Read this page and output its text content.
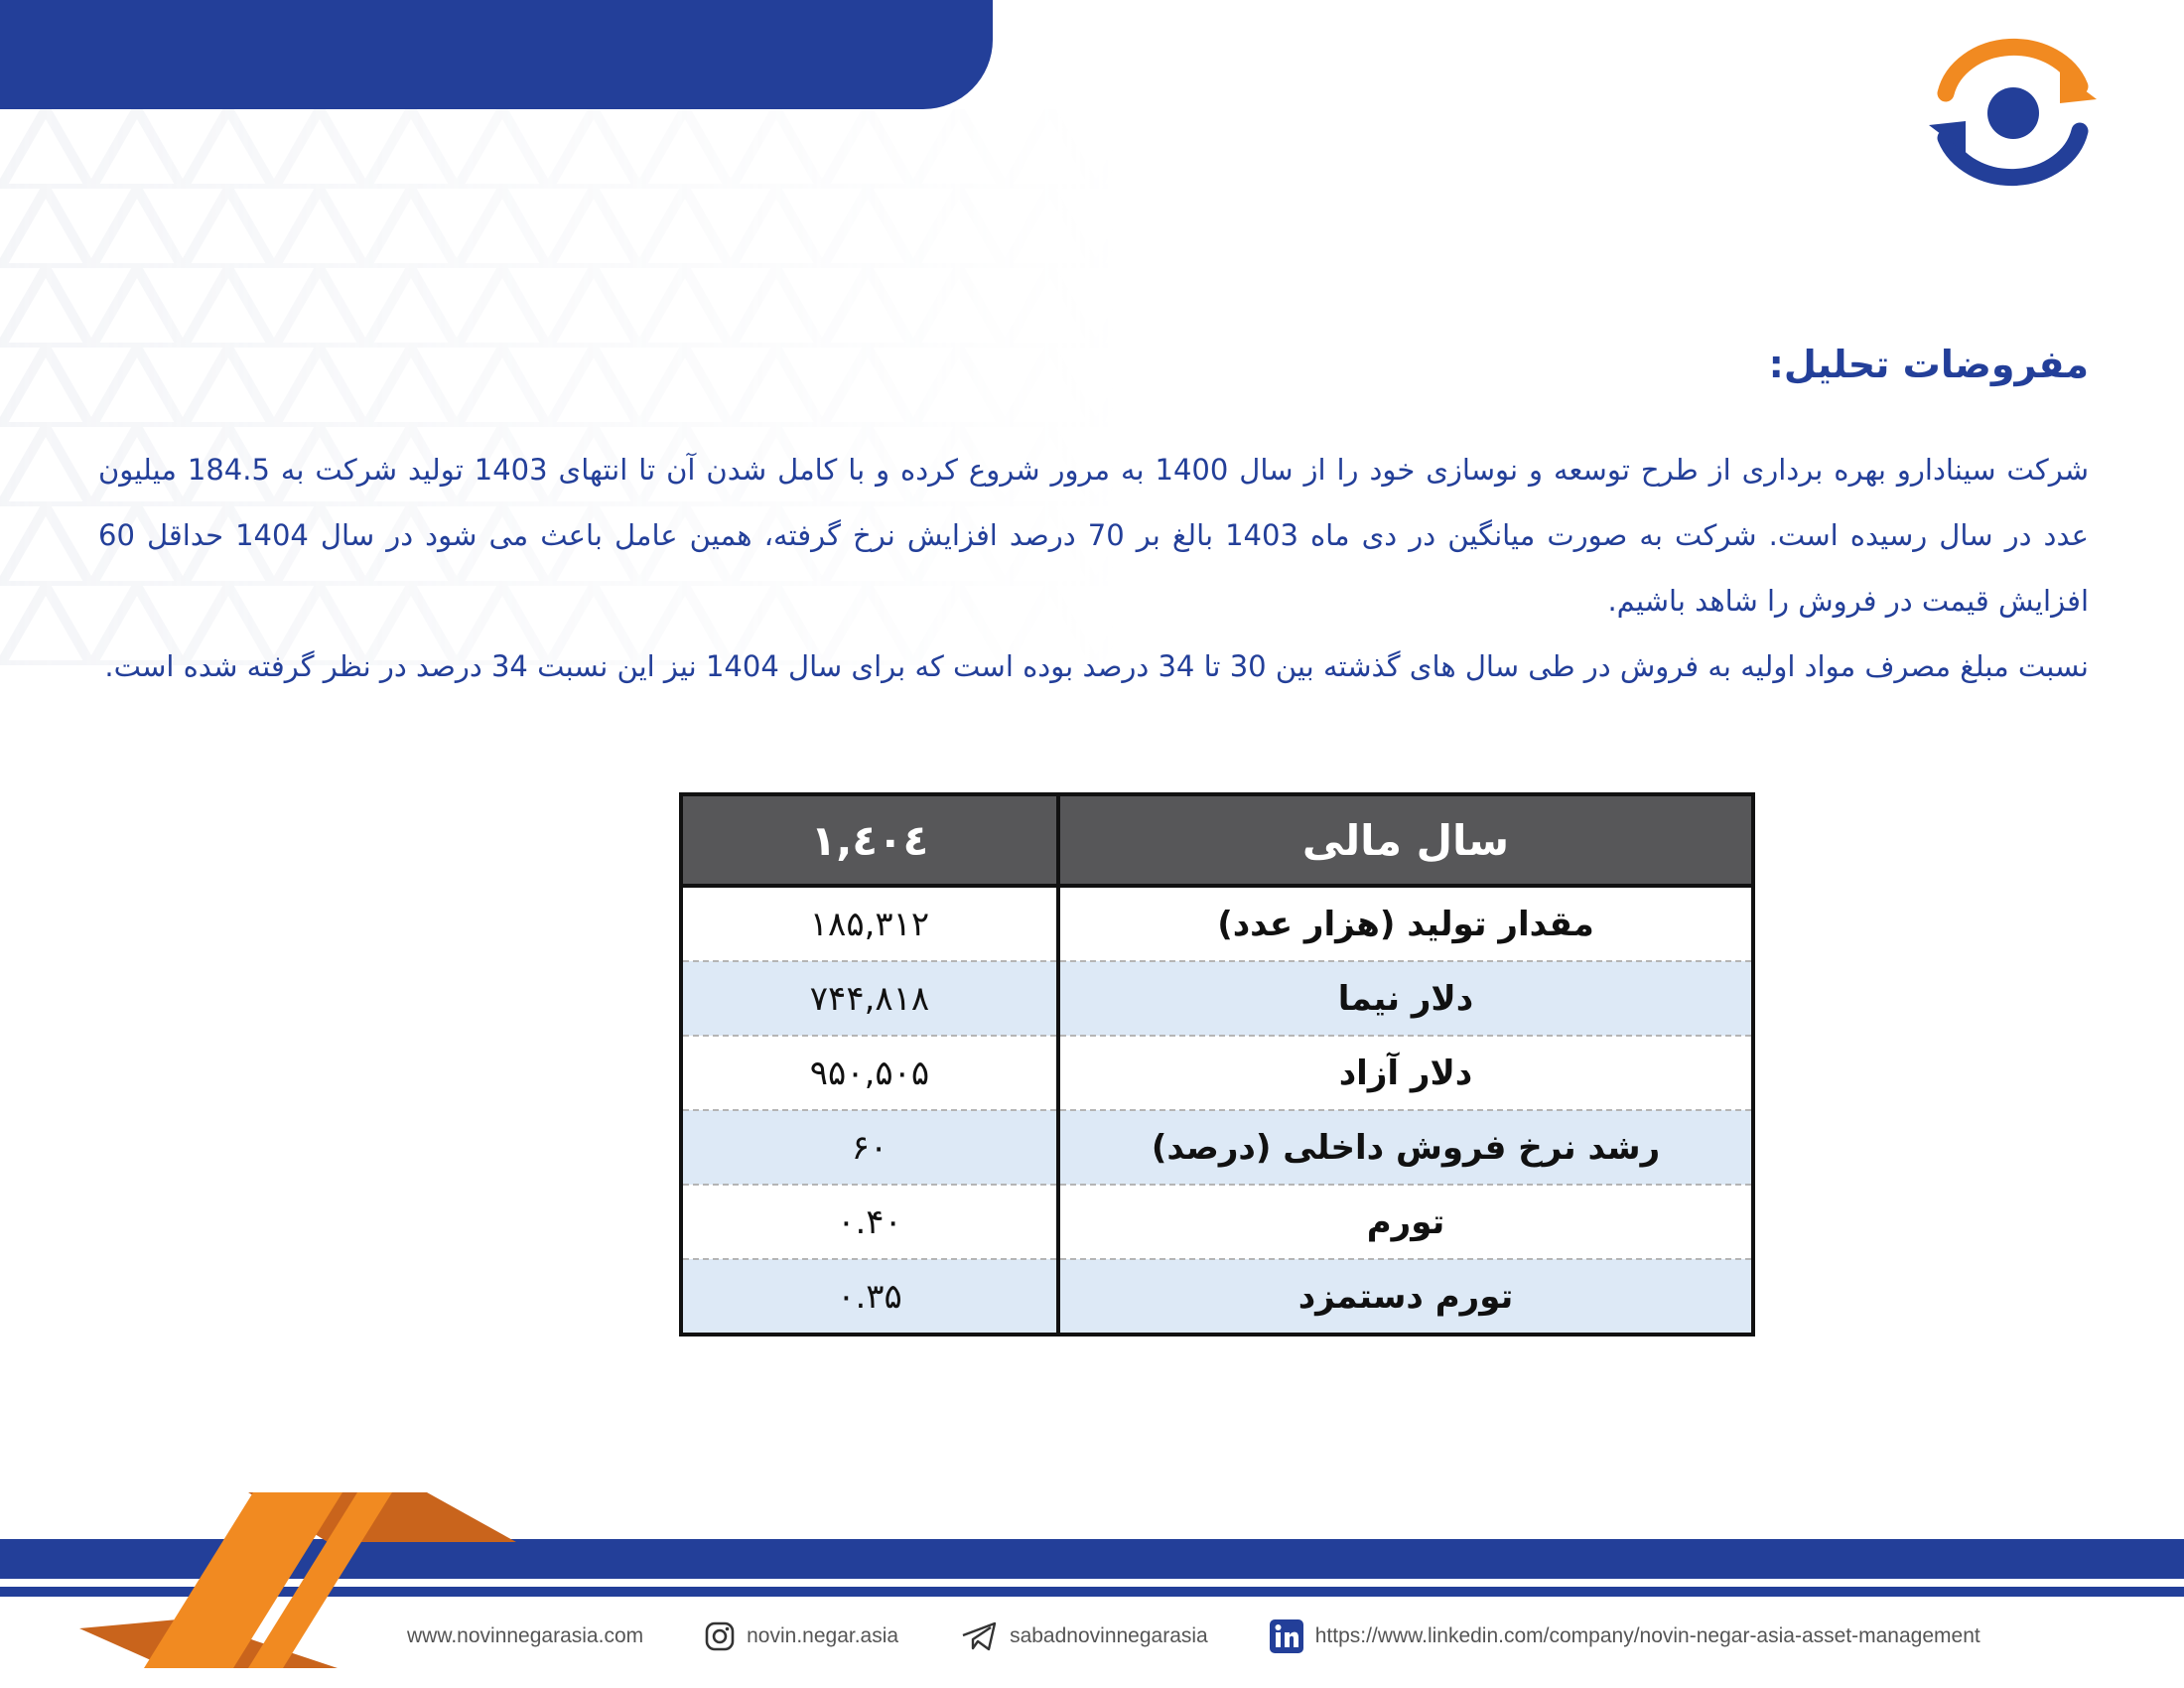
مفروضات تحلیل:

شرکت سینادارو بهره برداری از طرح توسعه و نوسازی خود را از سال 1400 به مرور شروع کرده و با کامل شدن آن تا انتهای 1403 تولید شرکت به 184.5 میلیون عدد در سال رسیده است. شرکت به صورت میانگین در دی ماه 1403 بالغ بر 70 درصد افزایش نرخ گرفته، همین عامل باعث می شود در سال 1404 حداقل 60 افزایش قیمت در فروش را شاهد باشیم.

نسبت مبلغ مصرف مواد اولیه به فروش در طی سال های گذشته بین 30 تا 34 درصد بوده است که برای سال 1404 نیز این نسبت 34 درصد در نظر گرفته شده است.

سال مالی	١,٤٠٤
مقدار تولید (هزار عدد)	۱۸۵,۳۱۲
دلار نیما	۷۴۴,۸۱۸
دلار آزاد	۹۵۰,۵۰۵
رشد نرخ فروش داخلی (درصد)	۶۰
تورم	۰.۴۰
تورم دستمزد	۰.۳۵
www.novinnegarasia.com	novin.negar.asia	sabadnovinnegarasia	https://www.linkedin.com/company/novin-negar-asia-asset-management
